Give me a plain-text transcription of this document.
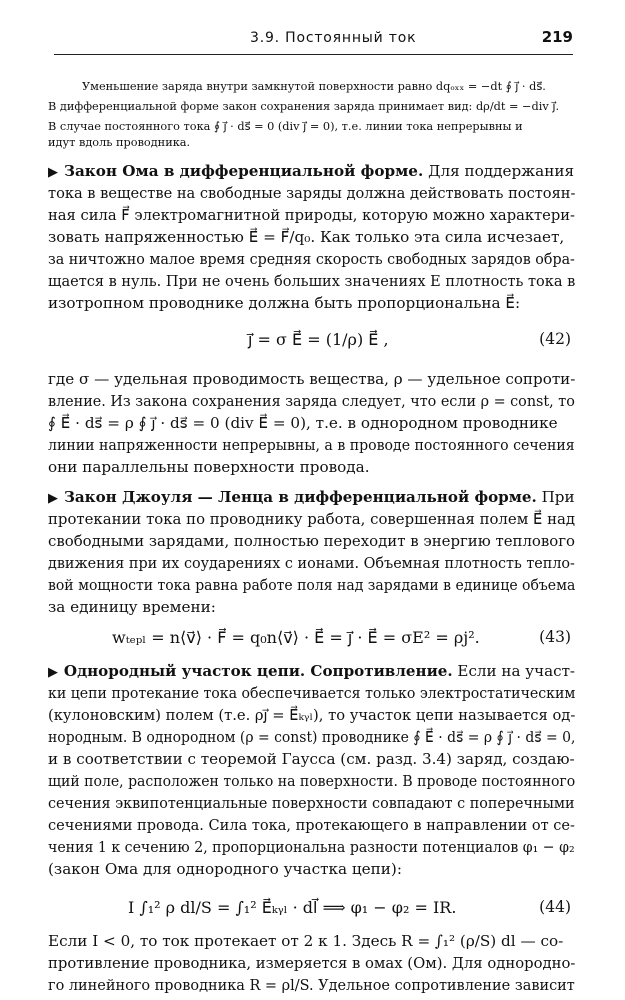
3.9. Постоянный ток	219
Уменьшение заряда внутри замкнутой поверхности равно dqₒₓₓ = −dt ∮ j⃗ · ds⃗.
В дифференциальной форме закон сохранения заряда принимает вид: dρ/dt = −div j⃗.
В случае постоянного тока ∮ j⃗ · ds⃗ = 0 (div j⃗ = 0), т.е. линии тока непрерывны и
идут вдоль проводника.
▶ Закон Ома в дифференциальной форме. Для поддержания
тока в веществе на свободные заряды должна действовать постоян-
ная сила F⃗ электромагнитной природы, которую можно характери-
зовать напряженностью E⃗ = F⃗/q₀. Как только эта сила исчезает,
за ничтожно малое время средняя скорость свободных зарядов обра-
щается в нуль. При не очень больших значениях E плотность тока в
изотропном проводнике должна быть пропорциональна E⃗:
j⃗ = σ E⃗ = (1/ρ) E⃗ ,	(42)
где σ — удельная проводимость вещества, ρ — удельное сопроти-
вление. Из закона сохранения заряда следует, что если ρ = const, то
∮ E⃗ · ds⃗ = ρ ∮ j⃗ · ds⃗ = 0 (div E⃗ = 0), т.е. в однородном проводнике
линии напряженности непрерывны, а в проводе постоянного сечения
они параллельны поверхности провода.
▶ Закон Джоуля — Ленца в дифференциальной форме. При
протекании тока по проводнику работа, совершенная полем E⃗ над
свободными зарядами, полностью переходит в энергию теплового
движения при их соударениях с ионами. Объемная плотность тепло-
вой мощности тока равна работе поля над зарядами в единице объема
за единицу времени:
wₜₑₚₗ = n⟨v⃗⟩ · F⃗ = q₀n⟨v⃗⟩ · E⃗ = j⃗ · E⃗ = σE² = ρj².	(43)
▶ Однородный участок цепи. Сопротивление. Если на участ-
ки цепи протекание тока обеспечивается только электростатическим
(кулоновским) полем (т.е. ρj⃗ = E⃗ₖᵧₗ), то участок цепи называется од-
нородным. В однородном (ρ = const) проводнике ∮ E⃗ · ds⃗ = ρ ∮ j⃗ · ds⃗ = 0,
и в соответствии с теоремой Гаусса (см. разд. 3.4) заряд, создаю-
щий поле, расположен только на поверхности. В проводе постоянного
сечения эквипотенциальные поверхности совпадают с поперечными
сечениями провода. Сила тока, протекающего в направлении от се-
чения 1 к сечению 2, пропорциональна разности потенциалов φ₁ − φ₂
(закон Ома для однородного участка цепи):
I ∫₁² ρ dl/S = ∫₁² E⃗ₖᵧₗ · dl⃗ ⟹ φ₁ − φ₂ = IR.	(44)
Если I < 0, то ток протекает от 2 к 1. Здесь R = ∫₁² (ρ/S) dl — со-
противление проводника, измеряется в омах (Ом). Для однородно-
го линейного проводника R = ρl/S. Удельное сопротивление зависит
